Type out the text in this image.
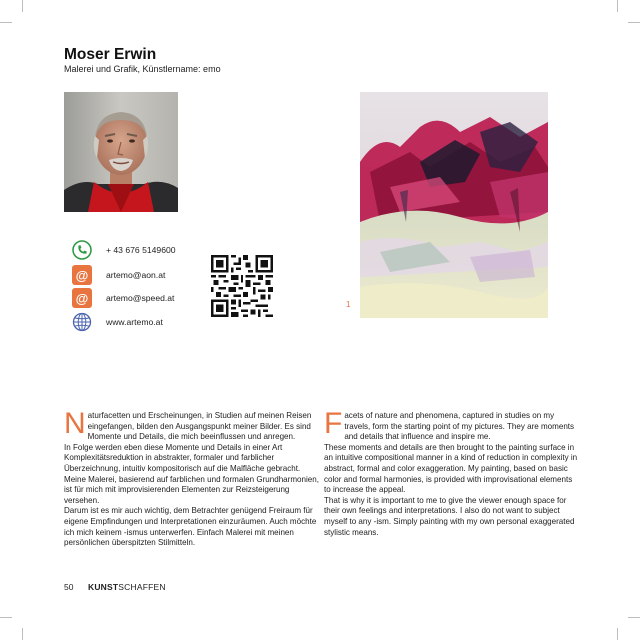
Moser Erwin
Malerei und Grafik, Künstlername: emo
+ 43 676 5149600
@	artemo@aon.at
@	artemo@speed.at
www.artemo.at
1

Naturfacetten und Erscheinungen, in Studien auf meinen Reisen eingefangen, bilden den Ausgangspunkt meiner Bilder. Es sind Momente und Details, die mich beeinflussen und anregen.

In Folge werden eben diese Momente und Details in einer Art Komplexitätsreduktion in abstrakter, formaler und farblicher Überzeichnung, intuitiv kompositorisch auf die Malfläche gebracht. Meine Malerei, basierend auf farblichen und formalen Grundharmonien, ist für mich mit improvisierenden Elementen zur Reizsteigerung versehen.

Darum ist es mir auch wichtig, dem Betrachter genügend Freiraum für eigene Empfindungen und Interpretationen einzuräumen. Auch möchte ich mich keinem -ismus unterwerfen. Einfach Malerei mit meinen persönlichen überspitzten Stilmitteln.

Facets of nature and phenomena, captured in studies on my travels, form the starting point of my pictures. They are moments and details that influence and inspire me.

These moments and details are then brought to the painting surface in an intuitive compositional manner in a kind of reduction in complexity in abstract, formal and color exaggeration. My painting, based on basic color and formal harmonies, is provided with improvisational elements to increase the appeal.

That is why it is important to me to give the viewer enough space for their own feelings and interpretations. I also do not want to subject myself to any -ism. Simply painting with my own personal exaggerated stylistic means.

50 KUNSTSCHAFFEN
